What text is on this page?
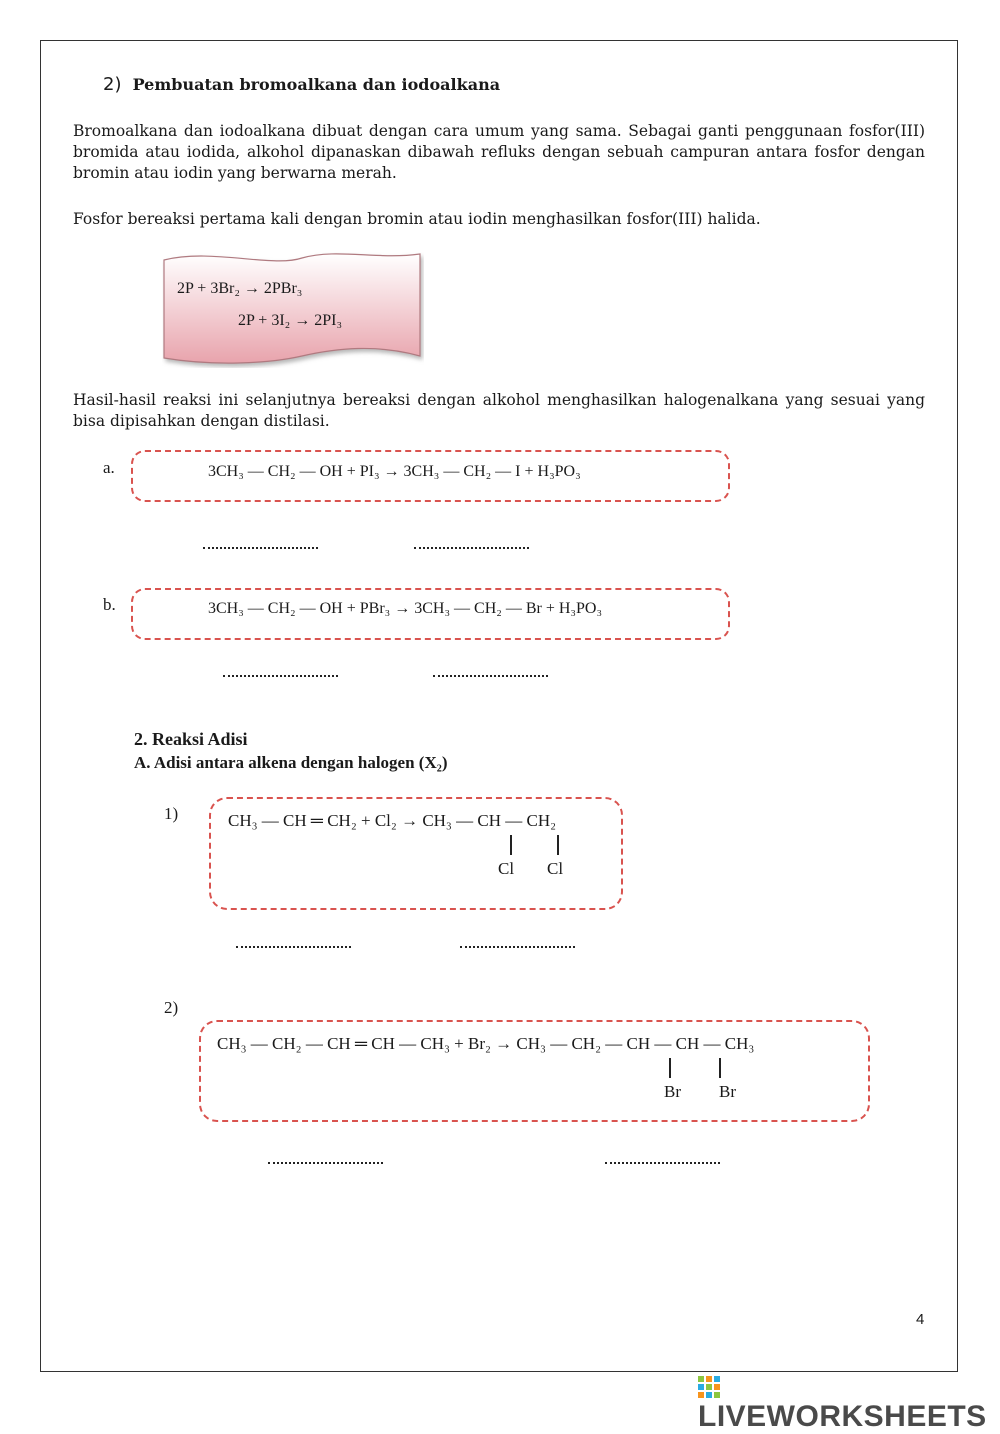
2) Pembuatan bromoalkana dan iodoalkana
Bromoalkana dan iodoalkana dibuat dengan cara umum yang sama. Sebagai ganti penggunaan fosfor(III) bromida atau iodida, alkohol dipanaskan dibawah refluks dengan sebuah campuran antara fosfor dengan bromin atau iodin yang berwarna merah.
Fosfor bereaksi pertama kali dengan bromin atau iodin menghasilkan fosfor(III) halida.
2P + 3Br₂ → 2PBr₃
2P + 3I₂ → 2PI₃
Hasil-hasil reaksi ini selanjutnya bereaksi dengan alkohol menghasilkan halogenalkana yang sesuai yang bisa dipisahkan dengan distilasi.
a.	3CH₃ — CH₂ — OH + PI₃ → 3CH₃ — CH₂ — I + H₃PO₃
b.	3CH₃ — CH₂ — OH + PBr₃ → 3CH₃ — CH₂ — Br + H₃PO₃
2. Reaksi Adisi
A. Adisi antara alkena dengan halogen (X₂)
1)	CH₃ — CH ═ CH₂ + Cl₂ → CH₃ — CH — CH₂
Cl Cl
2)
CH₃ — CH₂ — CH ═ CH — CH₃ + Br₂ → CH₃ — CH₂ — CH — CH — CH₃
Br Br
4
LIVEWORKSHEETS
